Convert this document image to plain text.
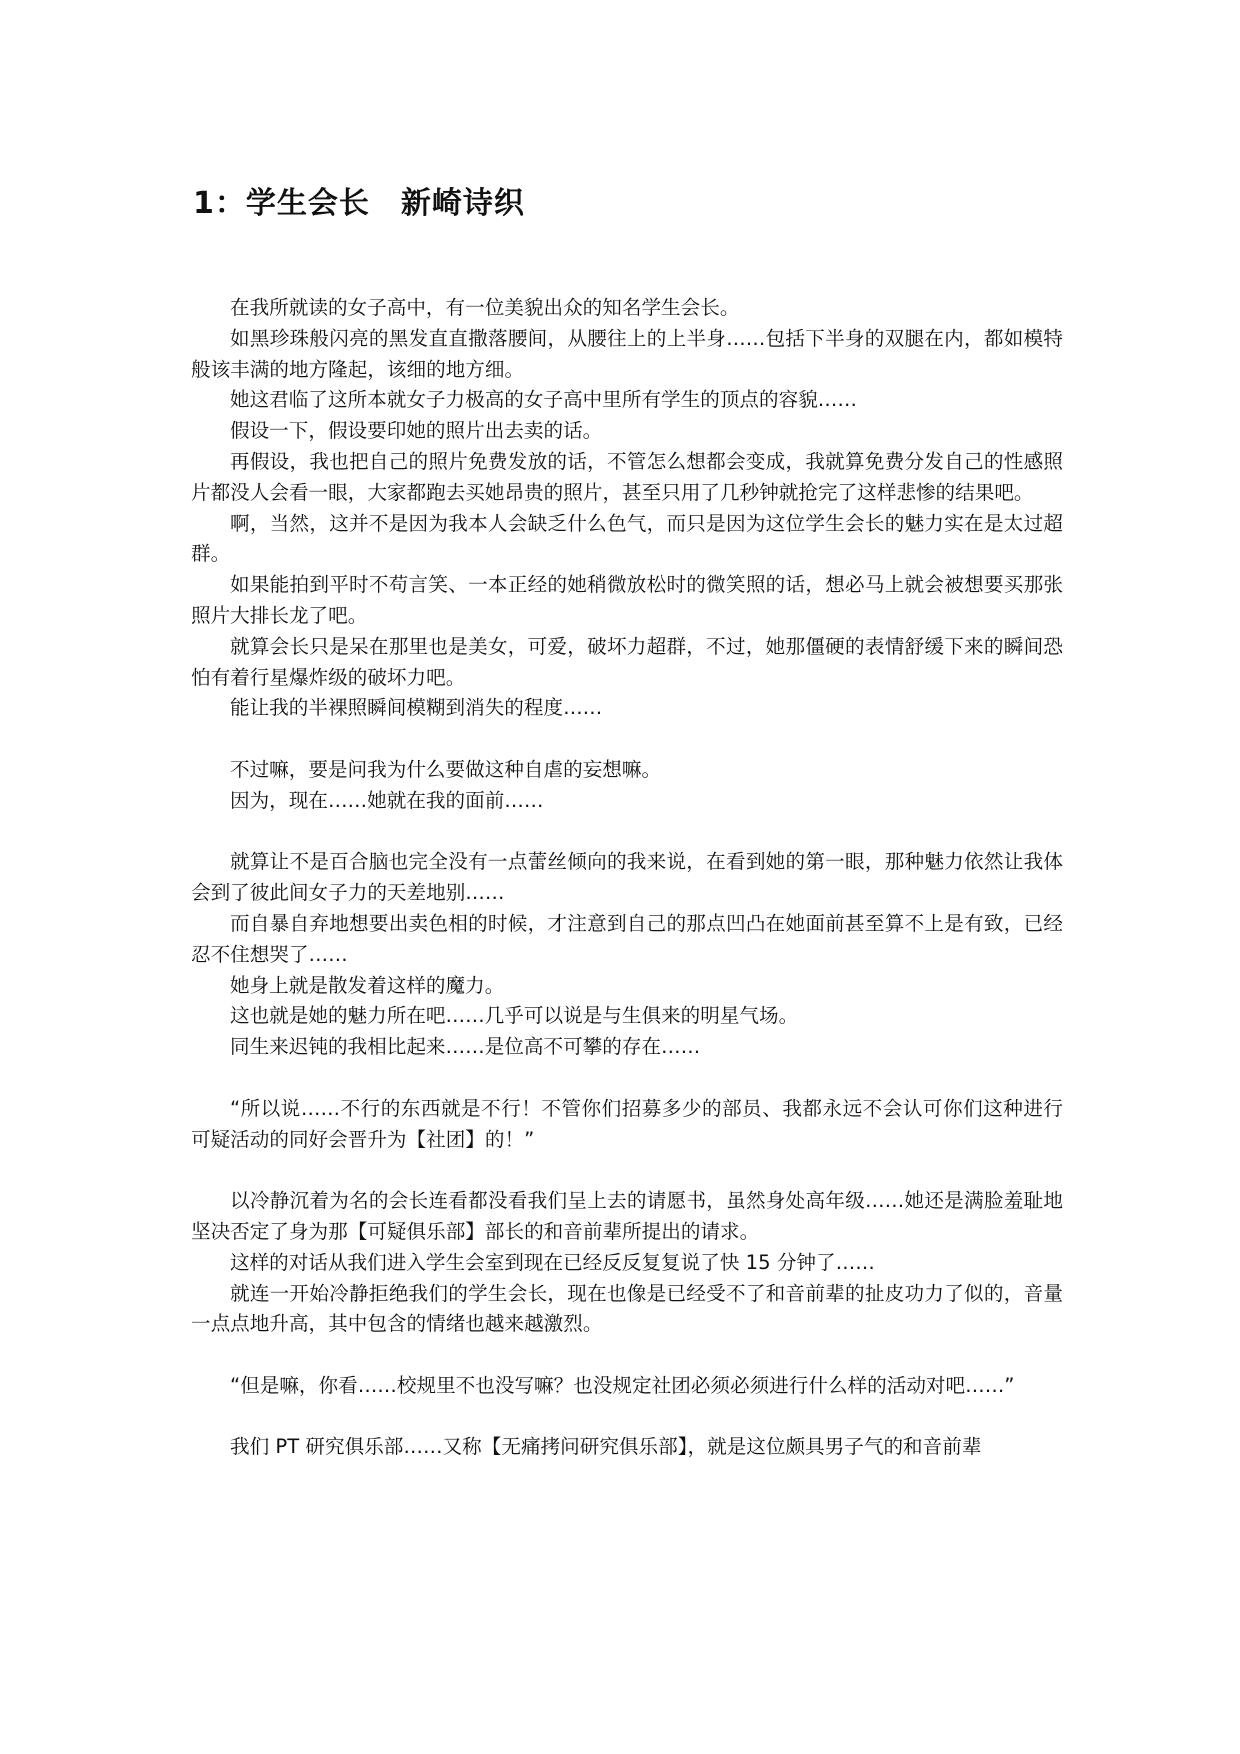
1：学生会长　新崎诗织

在我所就读的女子高中，有一位美貌出众的知名学生会长。

如黑珍珠般闪亮的黑发直直撒落腰间，从腰往上的上半身……包括下半身的双腿在内，都如模特般该丰满的地方隆起，该细的地方细。

她这君临了这所本就女子力极高的女子高中里所有学生的顶点的容貌……

假设一下，假设要印她的照片出去卖的话。

再假设，我也把自己的照片免费发放的话，不管怎么想都会变成，我就算免费分发自己的性感照片都没人会看一眼，大家都跑去买她昂贵的照片，甚至只用了几秒钟就抢完了这样悲惨的结果吧。

啊，当然，这并不是因为我本人会缺乏什么色气，而只是因为这位学生会长的魅力实在是太过超群。

如果能拍到平时不苟言笑、一本正经的她稍微放松时的微笑照的话，想必马上就会被想要买那张照片大排长龙了吧。

就算会长只是呆在那里也是美女，可爱，破坏力超群，不过，她那僵硬的表情舒缓下来的瞬间恐怕有着行星爆炸级的破坏力吧。

能让我的半裸照瞬间模糊到消失的程度……

不过嘛，要是问我为什么要做这种自虐的妄想嘛。

因为，现在……她就在我的面前……

就算让不是百合脑也完全没有一点蕾丝倾向的我来说，在看到她的第一眼，那种魅力依然让我体会到了彼此间女子力的天差地别……

而自暴自弃地想要出卖色相的时候，才注意到自己的那点凹凸在她面前甚至算不上是有致，已经忍不住想哭了……

她身上就是散发着这样的魔力。

这也就是她的魅力所在吧……几乎可以说是与生俱来的明星气场。

同生来迟钝的我相比起来……是位高不可攀的存在……

“所以说……不行的东西就是不行！不管你们招募多少的部员、我都永远不会认可你们这种进行可疑活动的同好会晋升为【社团】的！”

以冷静沉着为名的会长连看都没看我们呈上去的请愿书，虽然身处高年级……她还是满脸羞耻地坚决否定了身为那【可疑俱乐部】部长的和音前辈所提出的请求。

这样的对话从我们进入学生会室到现在已经反反复复说了快 15 分钟了……

就连一开始冷静拒绝我们的学生会长，现在也像是已经受不了和音前辈的扯皮功力了似的，音量一点点地升高，其中包含的情绪也越来越激烈。

“但是嘛，你看……校规里不也没写嘛？也没规定社团必须必须进行什么样的活动对吧……”

我们 PT 研究俱乐部……又称【无痛拷问研究俱乐部】，就是这位颇具男子气的和音前辈
